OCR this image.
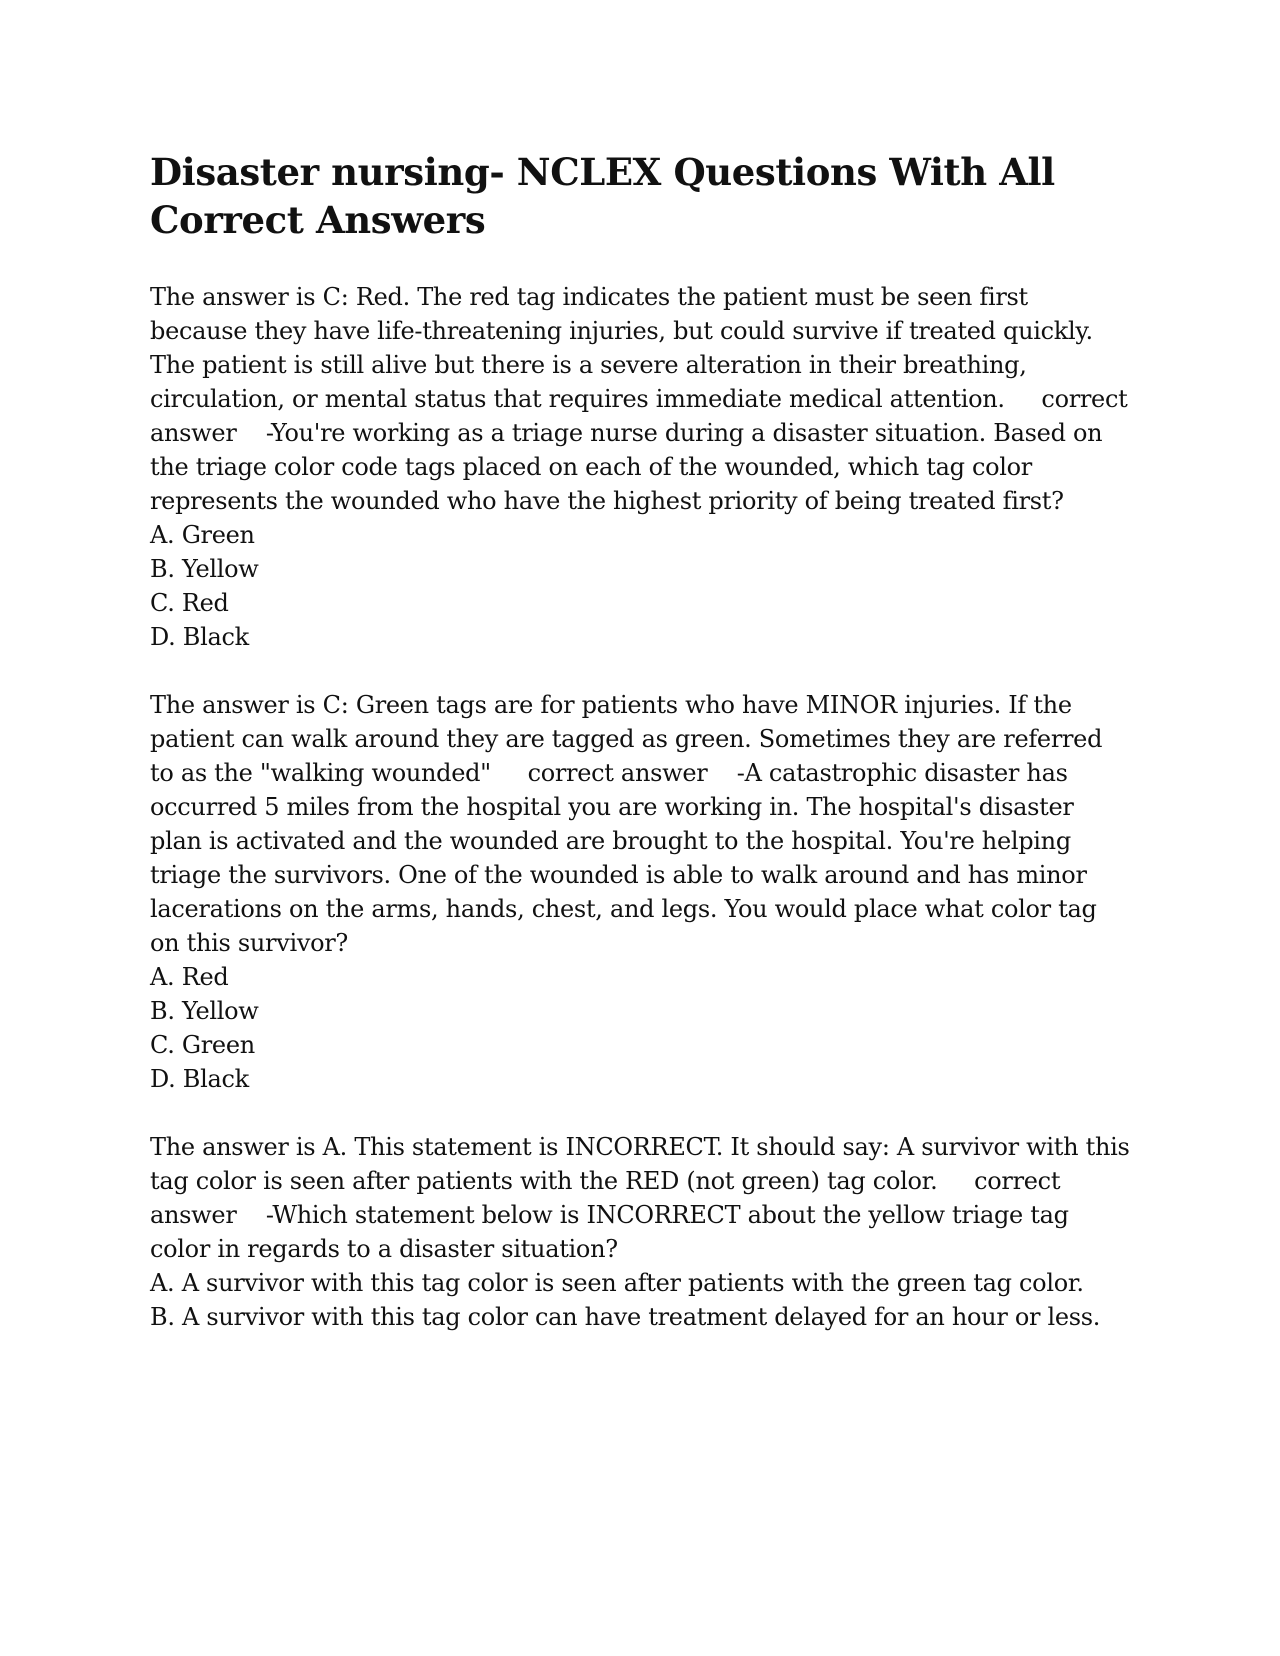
Disaster nursing- NCLEX Questions With All Correct Answers

The answer is C: Red. The red tag indicates the patient must be seen first because they have life-threatening injuries, but could survive if treated quickly. The patient is still alive but there is a severe alteration in their breathing, circulation, or mental status that requires immediate medical attention. correct answer -You're working as a triage nurse during a disaster situation. Based on the triage color code tags placed on each of the wounded, which tag color represents the wounded who have the highest priority of being treated first?

A. Green
B. Yellow
C. Red
D. Black

The answer is C: Green tags are for patients who have MINOR injuries. If the patient can walk around they are tagged as green. Sometimes they are referred to as the "walking wounded" correct answer -A catastrophic disaster has occurred 5 miles from the hospital you are working in. The hospital's disaster plan is activated and the wounded are brought to the hospital. You're helping triage the survivors. One of the wounded is able to walk around and has minor lacerations on the arms, hands, chest, and legs. You would place what color tag on this survivor?

A. Red
B. Yellow
C. Green
D. Black

The answer is A. This statement is INCORRECT. It should say: A survivor with this tag color is seen after patients with the RED (not green) tag color. correct answer -Which statement below is INCORRECT about the yellow triage tag color in regards to a disaster situation?

A. A survivor with this tag color is seen after patients with the green tag color.
B. A survivor with this tag color can have treatment delayed for an hour or less.
